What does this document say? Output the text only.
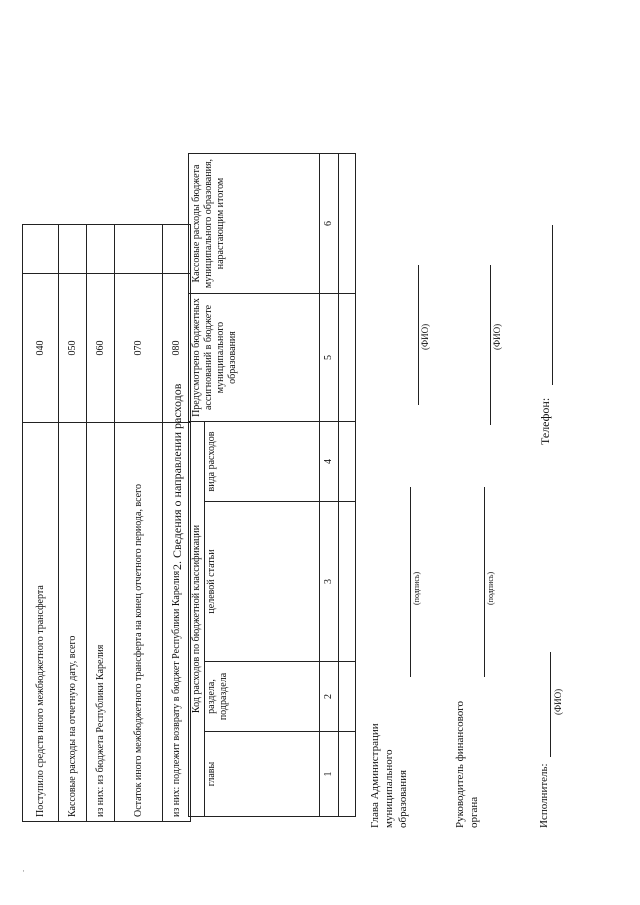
·
Поступило средств иного межбюджетного трансферта	040	
Кассовые расходы на отчетную дату, всего	050	
из них: из бюджета Республики Карелия	060	
Остаток иного межбюджетного трансферта на конец отчетного периода, всего	070	
из них: подлежит возврату в бюджет Республики Карелия	080	
2. Сведения о направлении расходов
Код расходов по бюджетной классификации				Предусмотрено бюджетных ассигнований в бюджете муниципального образования	Кассовые расходы бюджета муниципального образования, нарастающим итогом
главы	раздела, подраздела	целевой статьи	вида расходов		
1	2	3	4	5	6

Глава Администрации муниципального образования
(подпись)
(ФИО)
Руководитель финансового органа
(подпись)
(ФИО)
Исполнитель:
(ФИО)
Телефон:
